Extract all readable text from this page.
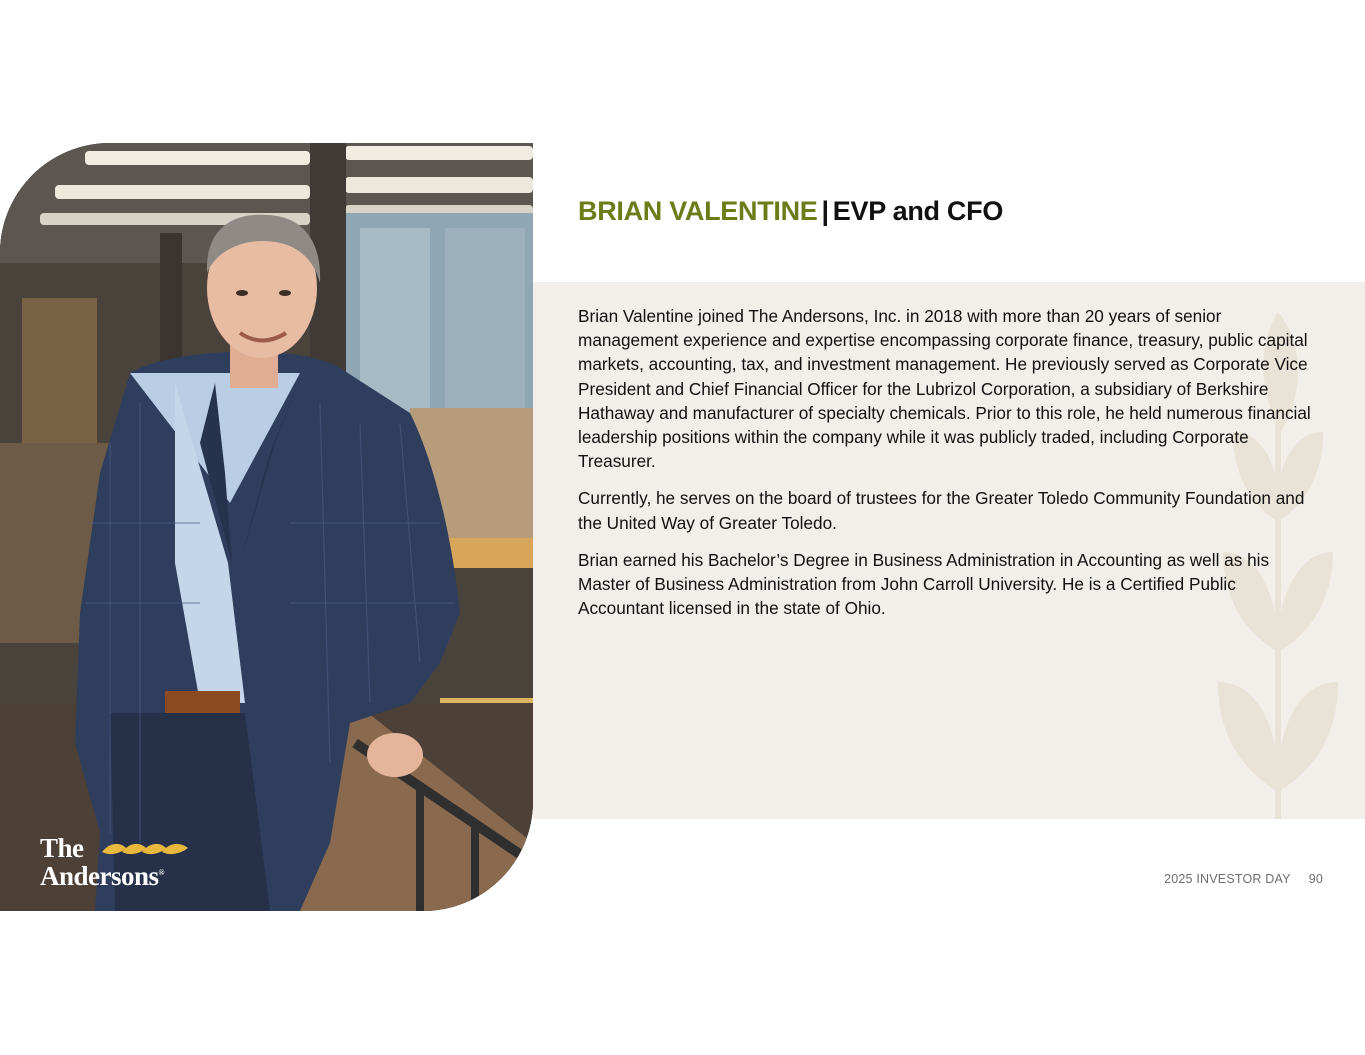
The
Andersons®
BRIAN VALENTINE | EVP and CFO

Brian Valentine joined The Andersons, Inc. in 2018 with more than 20 years of senior management experience and expertise encompassing corporate finance, treasury, public capital markets, accounting, tax, and investment management. He previously served as Corporate Vice President and Chief Financial Officer for the Lubrizol Corporation, a subsidiary of Berkshire Hathaway and manufacturer of specialty chemicals. Prior to this role, he held numerous financial leadership positions within the company while it was publicly traded, including Corporate Treasurer.

Currently, he serves on the board of trustees for the Greater Toledo Community Foundation and the United Way of Greater Toledo.

Brian earned his Bachelor’s Degree in Business Administration in Accounting as well as his Master of Business Administration from John Carroll University. He is a Certified Public Accountant licensed in the state of Ohio.

2025 INVESTOR DAY 90
